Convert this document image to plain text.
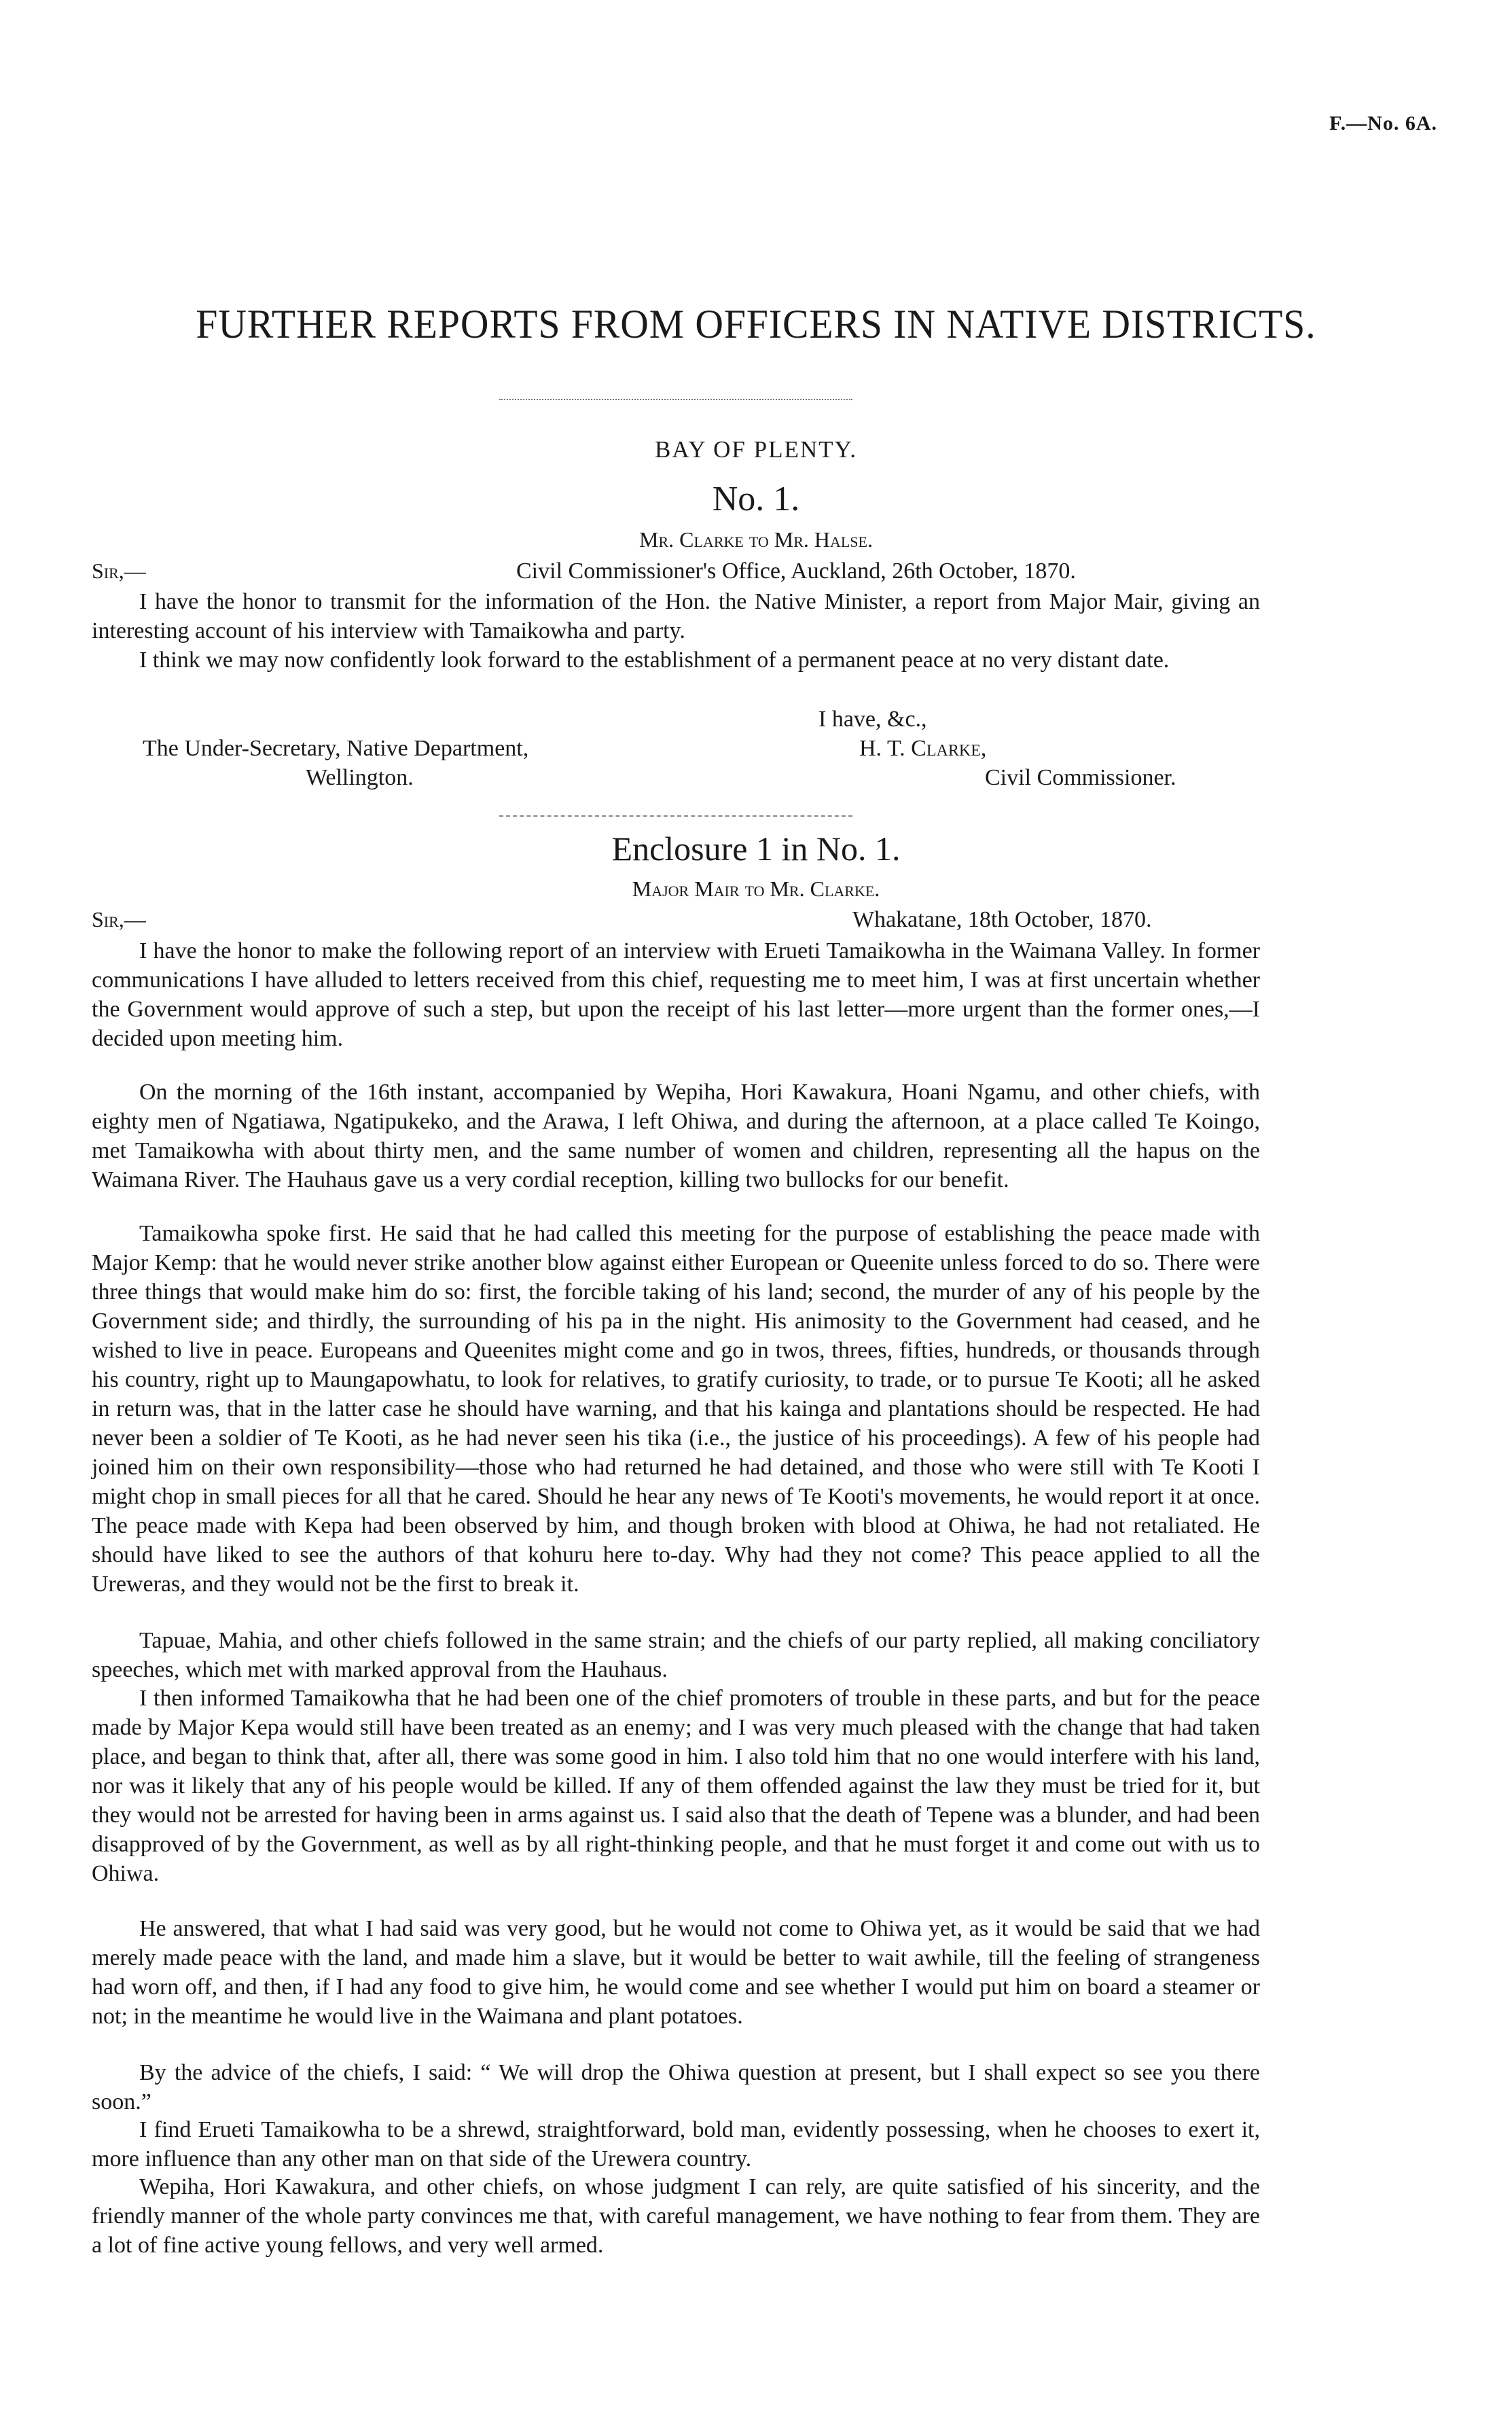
F.—No. 6A.
FURTHER REPORTS FROM OFFICERS IN NATIVE DISTRICTS.
BAY OF PLENTY.
No. 1.
Mr. Clarke to Mr. Halse.
Sir,—	Civil Commissioner's Office, Auckland, 26th October, 1870.

I have the honor to transmit for the information of the Hon. the Native Minister, a report from Major Mair, giving an interesting account of his interview with Tamaikowha and party.

I think we may now confidently look forward to the establishment of a permanent peace at no very distant date.

I have, &c.,
The Under-Secretary, Native Department,
Wellington.
H. T. Clarke,
Civil Commissioner.
Enclosure 1 in No. 1.
Major Mair to Mr. Clarke.
Sir,—	Whakatane, 18th October, 1870.

I have the honor to make the following report of an interview with Erueti Tamaikowha in the Waimana Valley. In former communications I have alluded to letters received from this chief, requesting me to meet him, I was at first uncertain whether the Government would approve of such a step, but upon the receipt of his last letter—more urgent than the former ones,—I decided upon meeting him.

On the morning of the 16th instant, accompanied by Wepiha, Hori Kawakura, Hoani Ngamu, and other chiefs, with eighty men of Ngatiawa, Ngatipukeko, and the Arawa, I left Ohiwa, and during the afternoon, at a place called Te Koingo, met Tamaikowha with about thirty men, and the same number of women and children, representing all the hapus on the Waimana River. The Hauhaus gave us a very cordial reception, killing two bullocks for our benefit.

Tamaikowha spoke first. He said that he had called this meeting for the purpose of establishing the peace made with Major Kemp: that he would never strike another blow against either European or Queenite unless forced to do so. There were three things that would make him do so: first, the forcible taking of his land; second, the murder of any of his people by the Government side; and thirdly, the surrounding of his pa in the night. His animosity to the Government had ceased, and he wished to live in peace. Europeans and Queenites might come and go in twos, threes, fifties, hundreds, or thousands through his country, right up to Maungapowhatu, to look for relatives, to gratify curiosity, to trade, or to pursue Te Kooti; all he asked in return was, that in the latter case he should have warning, and that his kainga and plantations should be respected. He had never been a soldier of Te Kooti, as he had never seen his tika (i.e., the justice of his proceedings). A few of his people had joined him on their own responsibility—those who had returned he had detained, and those who were still with Te Kooti I might chop in small pieces for all that he cared. Should he hear any news of Te Kooti's movements, he would report it at once. The peace made with Kepa had been observed by him, and though broken with blood at Ohiwa, he had not retaliated. He should have liked to see the authors of that kohuru here to-day. Why had they not come? This peace applied to all the Ureweras, and they would not be the first to break it.

Tapuae, Mahia, and other chiefs followed in the same strain; and the chiefs of our party replied, all making conciliatory speeches, which met with marked approval from the Hauhaus.

I then informed Tamaikowha that he had been one of the chief promoters of trouble in these parts, and but for the peace made by Major Kepa would still have been treated as an enemy; and I was very much pleased with the change that had taken place, and began to think that, after all, there was some good in him. I also told him that no one would interfere with his land, nor was it likely that any of his people would be killed. If any of them offended against the law they must be tried for it, but they would not be arrested for having been in arms against us. I said also that the death of Tepene was a blunder, and had been disapproved of by the Government, as well as by all right-thinking people, and that he must forget it and come out with us to Ohiwa.

He answered, that what I had said was very good, but he would not come to Ohiwa yet, as it would be said that we had merely made peace with the land, and made him a slave, but it would be better to wait awhile, till the feeling of strangeness had worn off, and then, if I had any food to give him, he would come and see whether I would put him on board a steamer or not; in the meantime he would live in the Waimana and plant potatoes.

By the advice of the chiefs, I said: “ We will drop the Ohiwa question at present, but I shall expect so see you there soon.”

I find Erueti Tamaikowha to be a shrewd, straightforward, bold man, evidently possessing, when he chooses to exert it, more influence than any other man on that side of the Urewera country.

Wepiha, Hori Kawakura, and other chiefs, on whose judgment I can rely, are quite satisfied of his sincerity, and the friendly manner of the whole party convinces me that, with careful management, we have nothing to fear from them. They are a lot of fine active young fellows, and very well armed.
